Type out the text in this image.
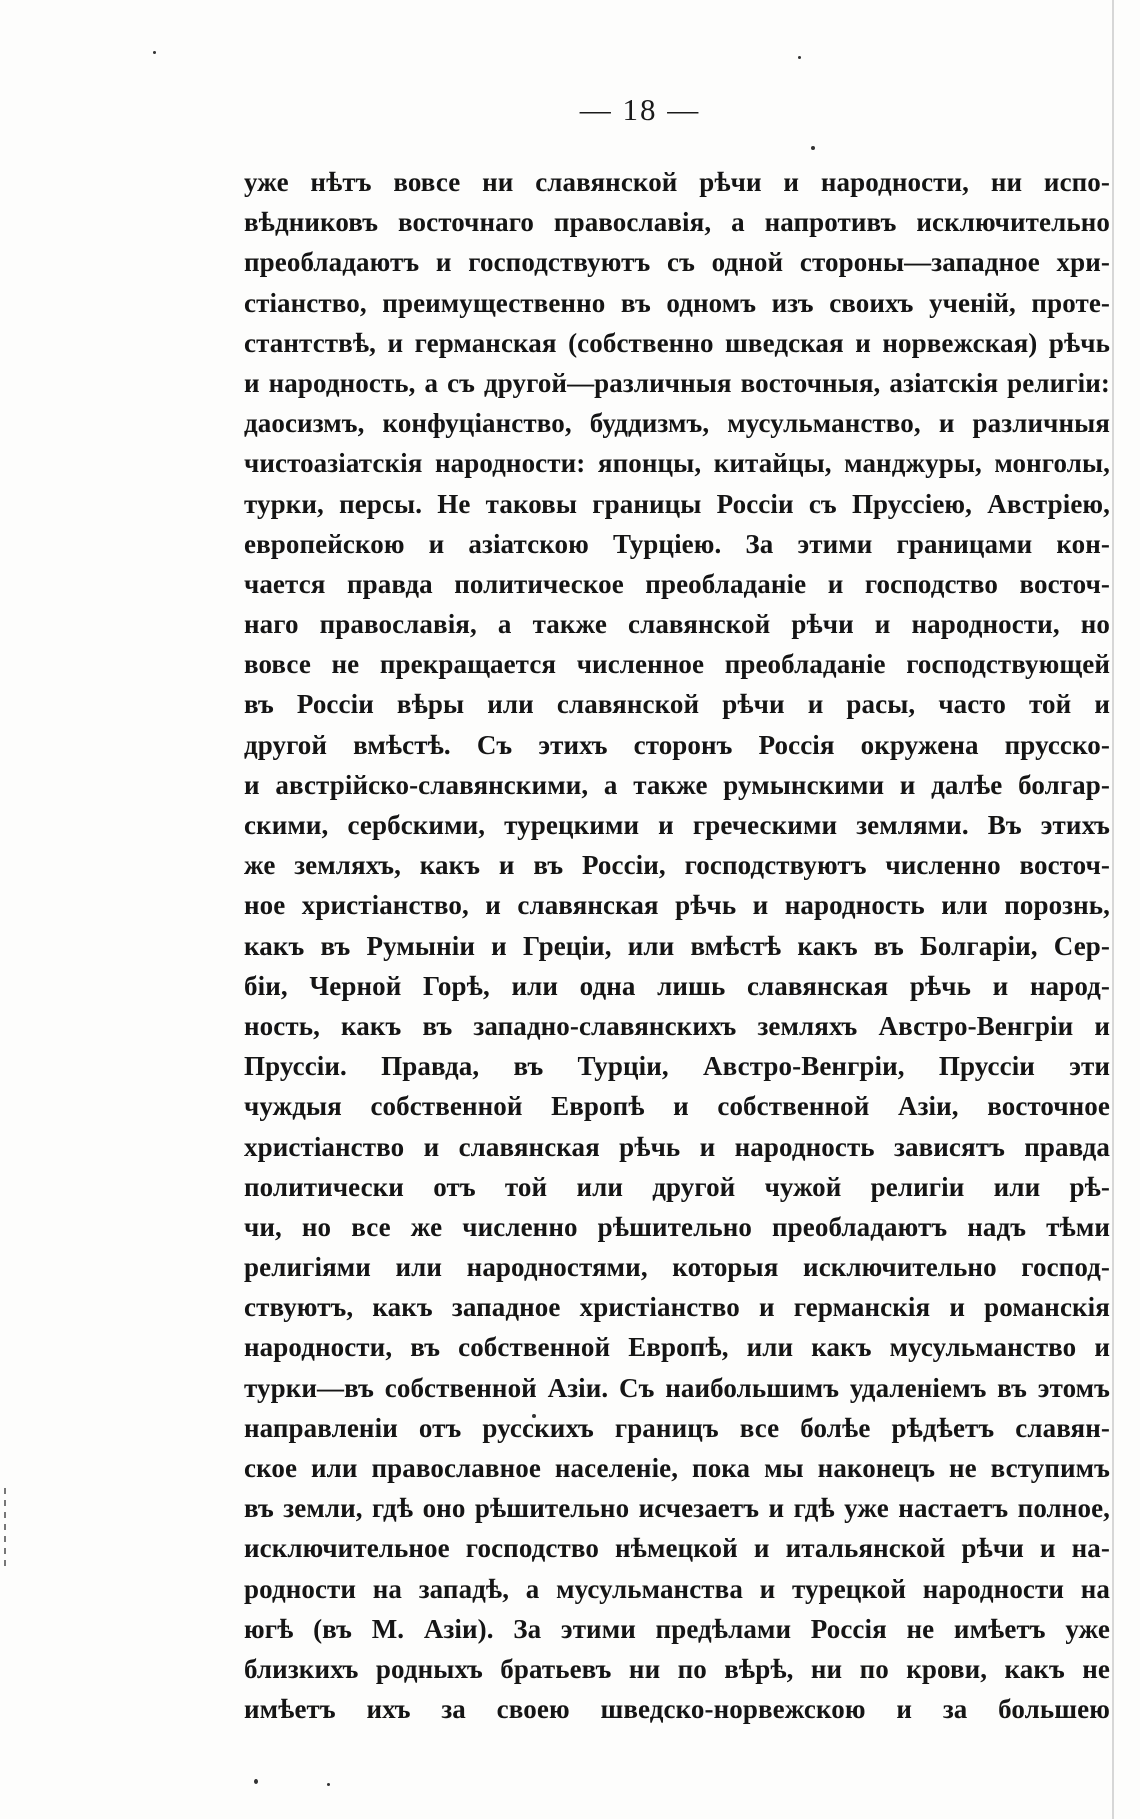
— 18 —
уже нѣтъ вовсе ни славянской рѣчи и народности, ни испо-
вѣдниковъ восточнаго православія, а напротивъ исключительно
преобладаютъ и господствуютъ съ одной стороны—западное хри-
стіанство, преимущественно въ одномъ изъ своихъ ученій, проте-
стантствѣ, и германская (собственно шведская и норвежская) рѣчь
и народность, а съ другой—различныя восточныя, азіатскія религіи:
даосизмъ, конфуціанство, буддизмъ, мусульманство, и различныя
чистоазіатскія народности: японцы, китайцы, манджуры, монголы,
турки, персы. Не таковы границы Россіи съ Пруссіею, Австріею,
европейскою и азіатскою Турціею. За этими границами кон-
чается правда политическое преобладаніе и господство восточ-
наго православія, а также славянской рѣчи и народности, но
вовсе не прекращается численное преобладаніе господствующей
въ Россіи вѣры или славянской рѣчи и расы, часто той и
другой вмѣстѣ. Съ этихъ сторонъ Россія окружена прусско-
и австрійско-славянскими, а также румынскими и далѣе болгар-
скими, сербскими, турецкими и греческими землями. Въ этихъ
же земляхъ, какъ и въ Россіи, господствуютъ численно восточ-
ное христіанство, и славянская рѣчь и народность или порознь,
какъ въ Румыніи и Греціи, или вмѣстѣ какъ въ Болгаріи, Сер-
біи, Черной Горѣ, или одна лишь славянская рѣчь и народ-
ность, какъ въ западно-славянскихъ земляхъ Австро-Венгріи и
Пруссіи. Правда, въ Турціи, Австро-Венгріи, Пруссіи эти
чуждыя собственной Европѣ и собственной Азіи, восточное
христіанство и славянская рѣчь и народность зависятъ правда
политически отъ той или другой чужой религіи или рѣ-
чи, но все же численно рѣшительно преобладаютъ надъ тѣми
религіями или народностями, которыя исключительно господ-
ствуютъ, какъ западное христіанство и германскія и романскія
народности, въ собственной Европѣ, или какъ мусульманство и
турки—въ собственной Азіи. Съ наибольшимъ удаленіемъ въ этомъ
направленіи отъ русскихъ границъ все болѣе рѣдѣетъ славян-
ское или православное населеніе, пока мы наконецъ не вступимъ
въ земли, гдѣ оно рѣшительно исчезаетъ и гдѣ уже настаетъ полное,
исключительное господство нѣмецкой и итальянской рѣчи и на-
родности на западѣ, а мусульманства и турецкой народности на
югѣ (въ М. Азіи). За этими предѣлами Россія не имѣетъ уже
близкихъ родныхъ братьевъ ни по вѣрѣ, ни по крови, какъ не
имѣетъ ихъ за своею шведско-норвежскою и за большею
